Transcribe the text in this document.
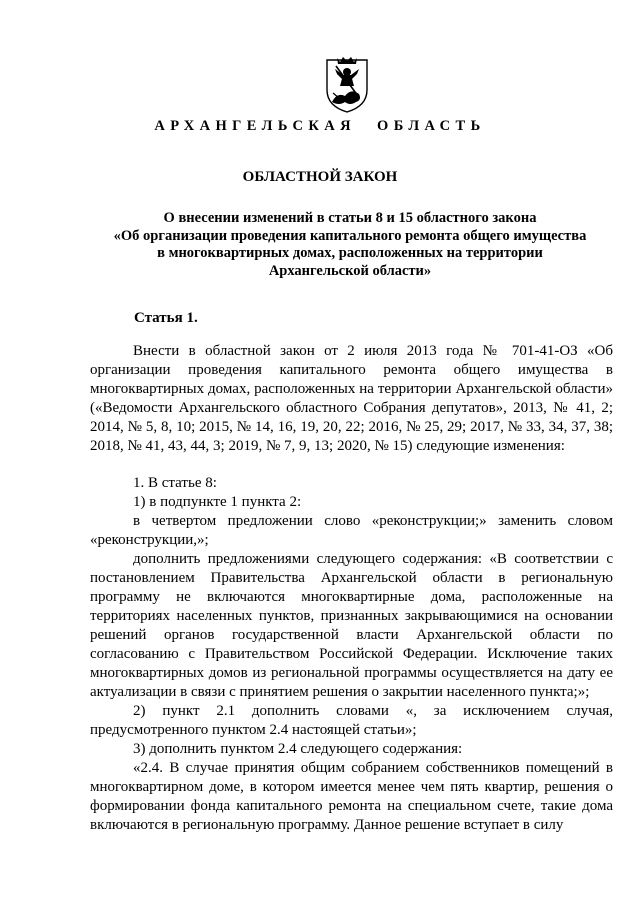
АРХАНГЕЛЬСКАЯ ОБЛАСТЬ
ОБЛАСТНОЙ ЗАКОН
О внесении изменений в статьи 8 и 15 областного закона
«Об организации проведения капитального ремонта общего имущества
в многоквартирных домах, расположенных на территории
Архангельской области»
Статья 1.

Внести в областной закон от 2 июля 2013 года № 701-41-ОЗ «Об организации проведения капитального ремонта общего имущества в многоквартирных домах, расположенных на территории Архангельской области» («Ведомости Архангельского областного Собрания депутатов», 2013, № 41, 2; 2014, № 5, 8, 10; 2015, № 14, 16, 19, 20, 22; 2016, № 25, 29; 2017, № 33, 34, 37, 38; 2018, № 41, 43, 44, 3; 2019, № 7, 9, 13; 2020, № 15) следующие изменения:

1. В статье 8:

1) в подпункте 1 пункта 2:

в четвертом предложении слово «реконструкции;» заменить словом «реконструкции,»;

дополнить предложениями следующего содержания: «В соответствии с постановлением Правительства Архангельской области в региональную программу не включаются многоквартирные дома, расположенные на территориях населенных пунктов, признанных закрывающимися на основании решений органов государственной власти Архангельской области по согласованию с Правительством Российской Федерации. Исключение таких многоквартирных домов из региональной программы осуществляется на дату ее актуализации в связи с принятием решения о закрытии населенного пункта;»;

2) пункт 2.1 дополнить словами «, за исключением случая, предусмотренного пунктом 2.4 настоящей статьи»;

3) дополнить пунктом 2.4 следующего содержания:

«2.4. В случае принятия общим собранием собственников помещений в многоквартирном доме, в котором имеется менее чем пять квартир, решения о формировании фонда капитального ремонта на специальном счете, такие дома включаются в региональную программу. Данное решение вступает в силу
